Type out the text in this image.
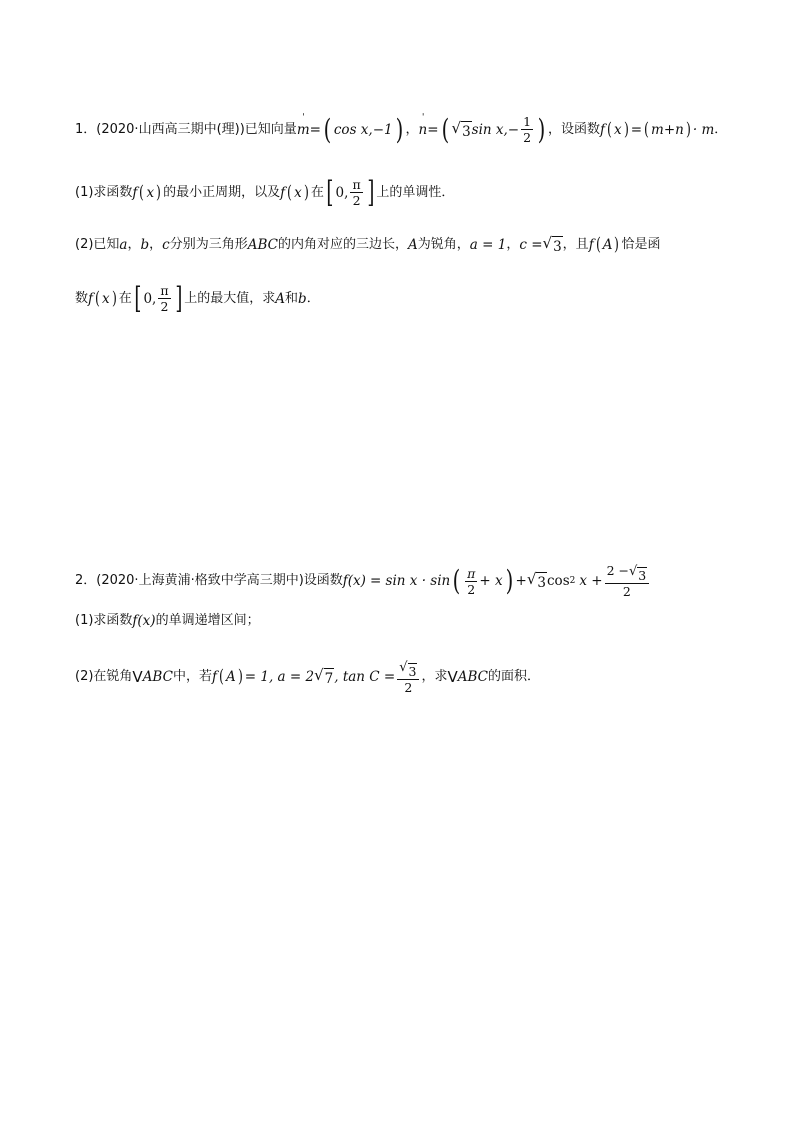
1． (2020·山西高三期中(理)) 已知向量 ˈ m = ( cos x,−1 ) ， ˈ n = ( √ 3 $\sin x,- \frac{1}{2}$ ) ，设函数 f ( x ) = ( m+n ) · m ．
(1)求函数 f ( x ) 的最小正周期，以及 f ( x ) 在 [ 0, $\frac{\pi}{2}$ ] 上的单调性．
(2)已知 a ， b ， c 分别为三角形 ABC 的内角对应的三边长， A 为锐角， a = 1 ， c = √ 3 ，且 f ( A ) 恰是函
数 f ( x ) 在 [ 0, $\frac{\pi}{2}$ ] 上的最大值，求 A 和 b ．
2． (2020·上海黄浦·格致中学高三期中) 设函数 f(x) = sin x · sin ( $\frac{\pi}{2} + x$ ) + √ 3 cos 2 $x + \frac{2 - √ 3}{2}$
(1)求函数 f(x) 的单调递增区间；
(2)在锐角 V ABC 中，若 f ( A ) = 1, a = 2 √ 7 , $\tan C = \frac{√ 3}{2}$ ，求 V ABC 的面积．
